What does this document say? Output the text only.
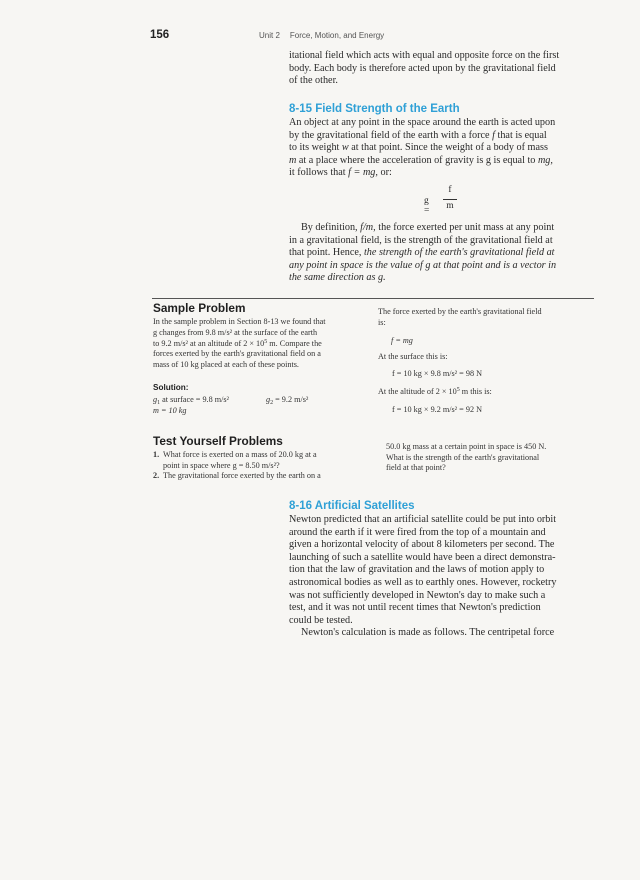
156	Unit 2 Force, Motion, and Energy

itational field which acts with equal and opposite force on the first

body. Each body is therefore acted upon by the gravitational field

of the other.

8-15 Field Strength of the Earth

An object at any point in the space around the earth is acted upon

by the gravitational field of the earth with a force f that is equal

to its weight w at that point. Since the weight of a body of mass

m at a place where the acceleration of gravity is g is equal to mg,

it follows that f = mg, or:

g =
f
m

By definition, f/m, the force exerted per unit mass at any point

in a gravitational field, is the strength of the gravitational field at

that point. Hence, the strength of the earth's gravitational field at

any point in space is the value of g at that point and is a vector in

the same direction as g.

Sample Problem

In the sample problem in Section 8-13 we found that

g changes from 9.8 m/s² at the surface of the earth

to 9.2 m/s² at an altitude of $2 \times 10^5$ m. Compare the

forces exerted by the earth's gravitational field on a

mass of 10 kg placed at each of these points.

Solution:
$g_1$ at surface = 9.8 m/s²	$g_2 = 9.2$ m/s²
m = 10 kg

The force exerted by the earth's gravitational field

is:

f = mg
At the surface this is:
f = 10 kg × 9.8 m/s² = 98 N
At the altitude of $2 \times 10^5$ m this is:
f = 10 kg × 9.2 m/s² = 92 N
Test Yourself Problems

1. What force is exerted on a mass of 20.0 kg at a

point in space where g = 8.50 m/s²?

2. The gravitational force exerted by the earth on a

50.0 kg mass at a certain point in space is 450 N.

What is the strength of the earth's gravitational

field at that point?

8-16 Artificial Satellites

Newton predicted that an artificial satellite could be put into orbit

around the earth if it were fired from the top of a mountain and

given a horizontal velocity of about 8 kilometers per second. The

launching of such a satellite would have been a direct demonstra-

tion that the law of gravitation and the laws of motion apply to

astronomical bodies as well as to earthly ones. However, rocketry

was not sufficiently developed in Newton's day to make such a

test, and it was not until recent times that Newton's prediction

could be tested.

Newton's calculation is made as follows. The centripetal force
